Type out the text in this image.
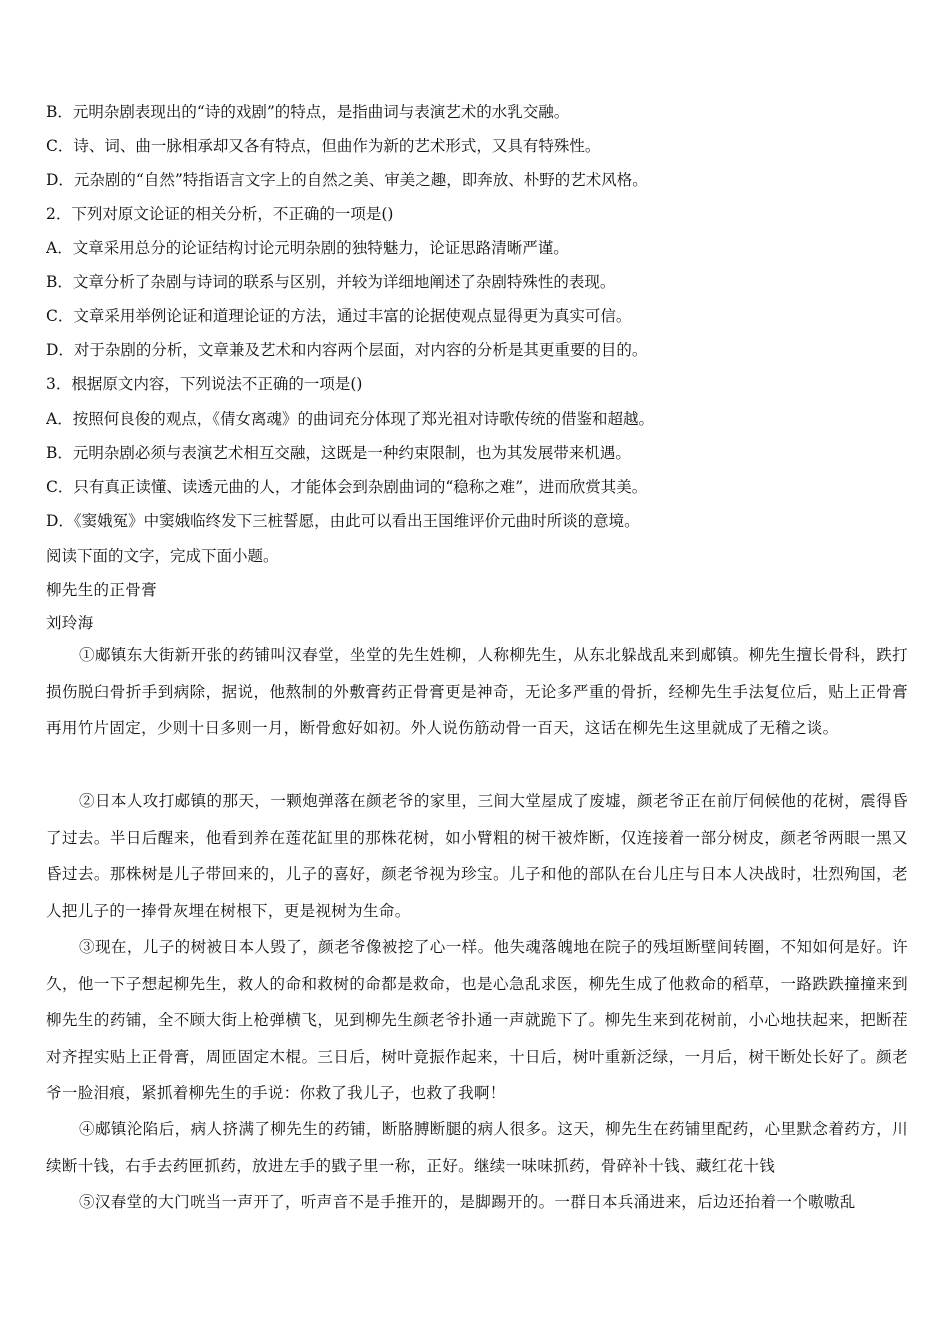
B．元明杂剧表现出的“诗的戏剧”的特点，是指曲词与表演艺术的水乳交融。
C．诗、词、曲一脉相承却又各有特点，但曲作为新的艺术形式，又具有特殊性。
D．元杂剧的“自然”特指语言文字上的自然之美、审美之趣，即奔放、朴野的艺术风格。
2．下列对原文论证的相关分析，不正确的一项是()
A．文章采用总分的论证结构讨论元明杂剧的独特魅力，论证思路清晰严谨。
B．文章分析了杂剧与诗词的联系与区别，并较为详细地阐述了杂剧特殊性的表现。
C．文章采用举例论证和道理论证的方法，通过丰富的论据使观点显得更为真实可信。
D．对于杂剧的分析，文章兼及艺术和内容两个层面，对内容的分析是其更重要的目的。
3．根据原文内容，下列说法不正确的一项是()
A．按照何良俊的观点，《倩女离魂》的曲词充分体现了郑光祖对诗歌传统的借鉴和超越。
B．元明杂剧必须与表演艺术相互交融，这既是一种约束限制，也为其发展带来机遇。
C．只有真正读懂、读透元曲的人，才能体会到杂剧曲词的“稳称之难”，进而欣赏其美。
D．《窦娥冤》中窦娥临终发下三桩誓愿，由此可以看出王国维评价元曲时所谈的意境。
阅读下面的文字，完成下面小题。
柳先生的正骨膏
刘玲海
①郕镇东大街新开张的药铺叫汉春堂，坐堂的先生姓柳，人称柳先生，从东北躲战乱来到郕镇。柳先生擅长骨科，跌打损伤脱臼骨折手到病除，据说，他熬制的外敷膏药正骨膏更是神奇，无论多严重的骨折，经柳先生手法复位后，贴上正骨膏再用竹片固定，少则十日多则一月，断骨愈好如初。外人说伤筋动骨一百天，这话在柳先生这里就成了无稽之谈。
②日本人攻打郕镇的那天，一颗炮弹落在颜老爷的家里，三间大堂屋成了废墟，颜老爷正在前厅伺候他的花树，震得昏了过去。半日后醒来，他看到养在莲花缸里的那株花树，如小臂粗的树干被炸断，仅连接着一部分树皮，颜老爷两眼一黑又昏过去。那株树是儿子带回来的，儿子的喜好，颜老爷视为珍宝。儿子和他的部队在台儿庄与日本人决战时，壮烈殉国，老人把儿子的一捧骨灰埋在树根下，更是视树为生命。
③现在，儿子的树被日本人毁了，颜老爷像被挖了心一样。他失魂落魄地在院子的残垣断壁间转圈，不知如何是好。许久，他一下子想起柳先生，救人的命和救树的命都是救命，也是心急乱求医，柳先生成了他救命的稻草，一路跌跌撞撞来到柳先生的药铺，全不顾大街上枪弹横飞，见到柳先生颜老爷扑通一声就跪下了。柳先生来到花树前，小心地扶起来，把断茬对齐捏实贴上正骨膏，周匝固定木棍。三日后，树叶竟振作起来，十日后，树叶重新泛绿，一月后，树干断处长好了。颜老爷一脸泪痕，紧抓着柳先生的手说：你救了我儿子，也救了我啊！
④郕镇沦陷后，病人挤满了柳先生的药铺，断胳膊断腿的病人很多。这天，柳先生在药铺里配药，心里默念着药方，川续断十钱，右手去药匣抓药，放进左手的戥子里一称，正好。继续一味味抓药，骨碎补十钱、藏红花十钱
⑤汉春堂的大门咣当一声开了，听声音不是手推开的，是脚踢开的。一群日本兵涌进来，后边还抬着一个嗷嗷乱
